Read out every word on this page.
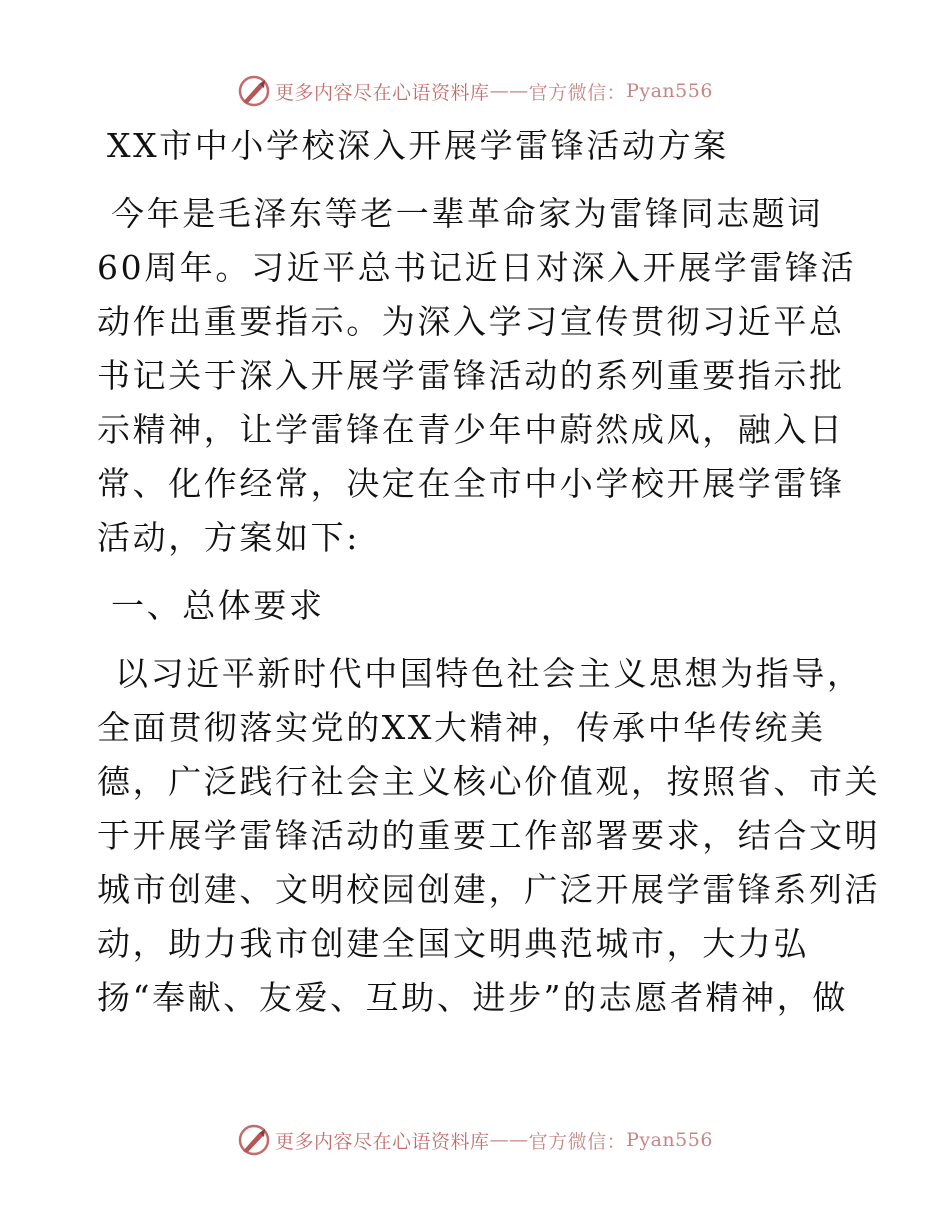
更多内容尽在心语资料库 —— 官方微信： Pyan556

XX市中小学校深入开展学雷锋活动方案

今年是毛泽东等老一辈革命家为雷锋同志题词60周年。习近平总书记近日对深入开展学雷锋活动作出重要指示。为深入学习宣传贯彻习近平总书记关于深入开展学雷锋活动的系列重要指示批示精神，让学雷锋在青少年中蔚然成风，融入日常、化作经常，决定在全市中小学校开展学雷锋活动，方案如下:

一、总体要求

以习近平新时代中国特色社会主义思想为指导，
全面贯彻落实党的XX大精神，传承中华传统美
德，广泛践行社会主义核心价值观，按照省、市关
于开展学雷锋活动的重要工作部署要求，结合文明
城市创建、文明校园创建，广泛开展学雷锋系列活
动，助力我市创建全国文明典范城市，大力弘
扬“奉献、友爱、互助、进步”的志愿者精神，做

更多内容尽在心语资料库 —— 官方微信： Pyan556
